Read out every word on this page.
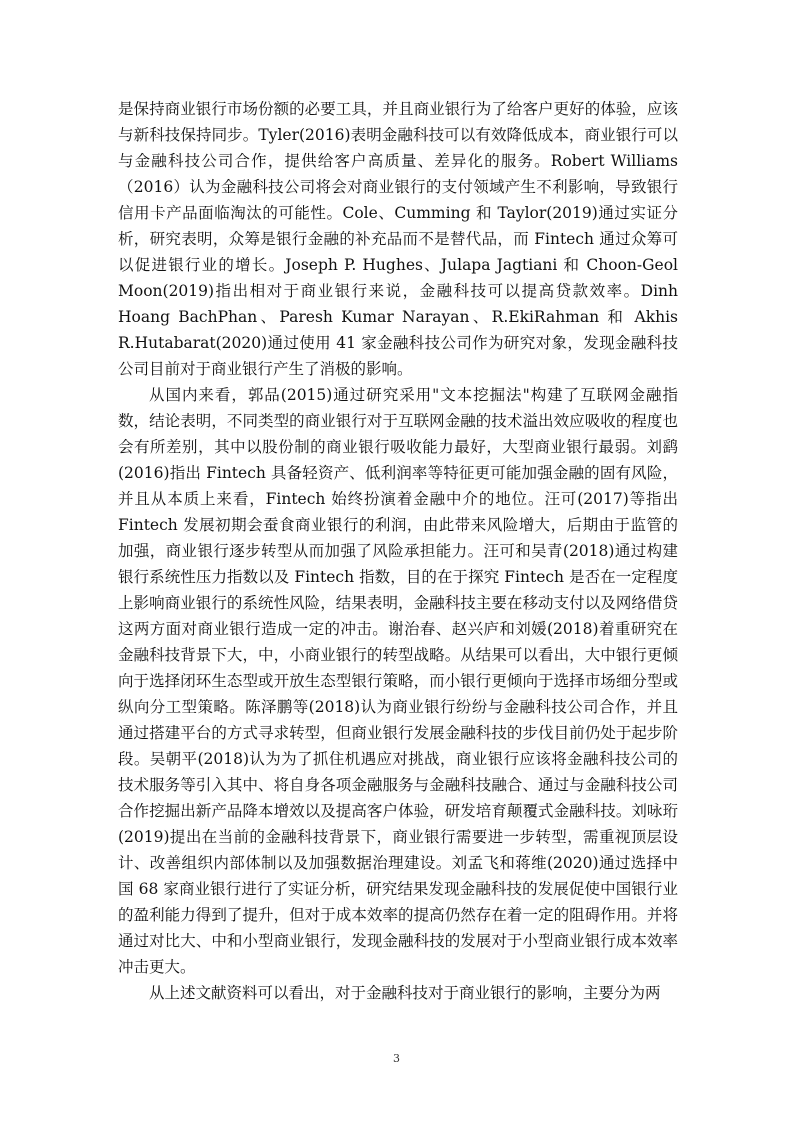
是保持商业银行市场份额的必要工具，并且商业银行为了给客户更好的体验，应该与新科技保持同步。Tyler(2016)表明金融科技可以有效降低成本，商业银行可以与金融科技公司合作，提供给客户高质量、差异化的服务。Robert Williams（2016）认为金融科技公司将会对商业银行的支付领域产生不利影响，导致银行信用卡产品面临淘汰的可能性。Cole、Cumming 和 Taylor(2019)通过实证分析，研究表明，众筹是银行金融的补充品而不是替代品，而 Fintech 通过众筹可以促进银行业的增长。Joseph P. Hughes、Julapa Jagtiani 和 Choon-Geol Moon(2019)指出相对于商业银行来说，金融科技可以提高贷款效率。Dinh Hoang BachPhan、Paresh Kumar Narayan、R.EkiRahman 和 Akhis R.Hutabarat(2020)通过使用 41 家金融科技公司作为研究对象，发现金融科技公司目前对于商业银行产生了消极的影响。

从国内来看，郭品(2015)通过研究采用"文本挖掘法"构建了互联网金融指数，结论表明，不同类型的商业银行对于互联网金融的技术溢出效应吸收的程度也会有所差别，其中以股份制的商业银行吸收能力最好，大型商业银行最弱。刘鹞(2016)指出 Fintech 具备轻资产、低利润率等特征更可能加强金融的固有风险，并且从本质上来看，Fintech 始终扮演着金融中介的地位。汪可(2017)等指出 Fintech 发展初期会蚕食商业银行的利润，由此带来风险增大，后期由于监管的加强，商业银行逐步转型从而加强了风险承担能力。汪可和吴青(2018)通过构建银行系统性压力指数以及 Fintech 指数，目的在于探究 Fintech 是否在一定程度上影响商业银行的系统性风险，结果表明，金融科技主要在移动支付以及网络借贷这两方面对商业银行造成一定的冲击。谢治春、赵兴庐和刘媛(2018)着重研究在金融科技背景下大，中，小商业银行的转型战略。从结果可以看出，大中银行更倾向于选择闭环生态型或开放生态型银行策略，而小银行更倾向于选择市场细分型或纵向分工型策略。陈泽鹏等(2018)认为商业银行纷纷与金融科技公司合作，并且通过搭建平台的方式寻求转型，但商业银行发展金融科技的步伐目前仍处于起步阶段。吴朝平(2018)认为为了抓住机遇应对挑战，商业银行应该将金融科技公司的技术服务等引入其中、将自身各项金融服务与金融科技融合、通过与金融科技公司合作挖掘出新产品降本增效以及提高客户体验，研发培育颠覆式金融科技。刘咏珩(2019)提出在当前的金融科技背景下，商业银行需要进一步转型，需重视顶层设计、改善组织内部体制以及加强数据治理建设。刘孟飞和蒋维(2020)通过选择中国 68 家商业银行进行了实证分析，研究结果发现金融科技的发展促使中国银行业的盈利能力得到了提升，但对于成本效率的提高仍然存在着一定的阻碍作用。并将通过对比大、中和小型商业银行，发现金融科技的发展对于小型商业银行成本效率冲击更大。

从上述文献资料可以看出，对于金融科技对于商业银行的影响，主要分为两

3
